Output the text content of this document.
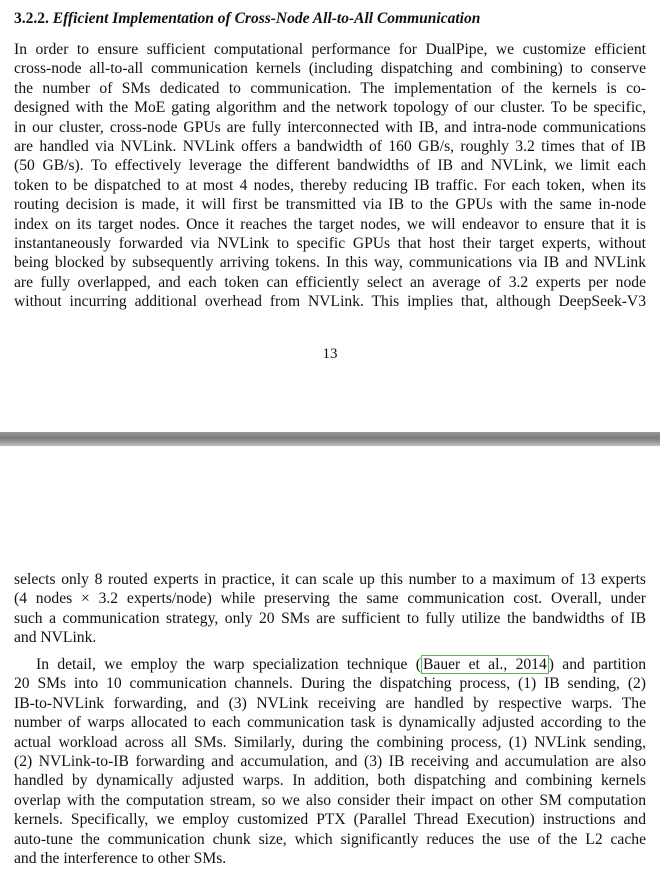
3.2.2. Efficient Implementation of Cross-Node All-to-All Communication
In order to ensure sufficient computational performance for DualPipe, we customize efficient
cross-node all-to-all communication kernels (including dispatching and combining) to conserve
the number of SMs dedicated to communication. The implementation of the kernels is co-
designed with the MoE gating algorithm and the network topology of our cluster. To be specific,
in our cluster, cross-node GPUs are fully interconnected with IB, and intra-node communications
are handled via NVLink. NVLink offers a bandwidth of 160 GB/s, roughly 3.2 times that of IB
(50 GB/s). To effectively leverage the different bandwidths of IB and NVLink, we limit each
token to be dispatched to at most 4 nodes, thereby reducing IB traffic. For each token, when its
routing decision is made, it will first be transmitted via IB to the GPUs with the same in-node
index on its target nodes. Once it reaches the target nodes, we will endeavor to ensure that it is
instantaneously forwarded via NVLink to specific GPUs that host their target experts, without
being blocked by subsequently arriving tokens. In this way, communications via IB and NVLink
are fully overlapped, and each token can efficiently select an average of 3.2 experts per node
without incurring additional overhead from NVLink. This implies that, although DeepSeek-V3
13
selects only 8 routed experts in practice, it can scale up this number to a maximum of 13 experts
(4 nodes × 3.2 experts/node) while preserving the same communication cost. Overall, under
such a communication strategy, only 20 SMs are sufficient to fully utilize the bandwidths of IB
and NVLink.
In detail, we employ the warp specialization technique ( Bauer et al., 2014 ) and partition
20 SMs into 10 communication channels. During the dispatching process, (1) IB sending, (2)
IB-to-NVLink forwarding, and (3) NVLink receiving are handled by respective warps. The
number of warps allocated to each communication task is dynamically adjusted according to the
actual workload across all SMs. Similarly, during the combining process, (1) NVLink sending,
(2) NVLink-to-IB forwarding and accumulation, and (3) IB receiving and accumulation are also
handled by dynamically adjusted warps. In addition, both dispatching and combining kernels
overlap with the computation stream, so we also consider their impact on other SM computation
kernels. Specifically, we employ customized PTX (Parallel Thread Execution) instructions and
auto-tune the communication chunk size, which significantly reduces the use of the L2 cache
and the interference to other SMs.
